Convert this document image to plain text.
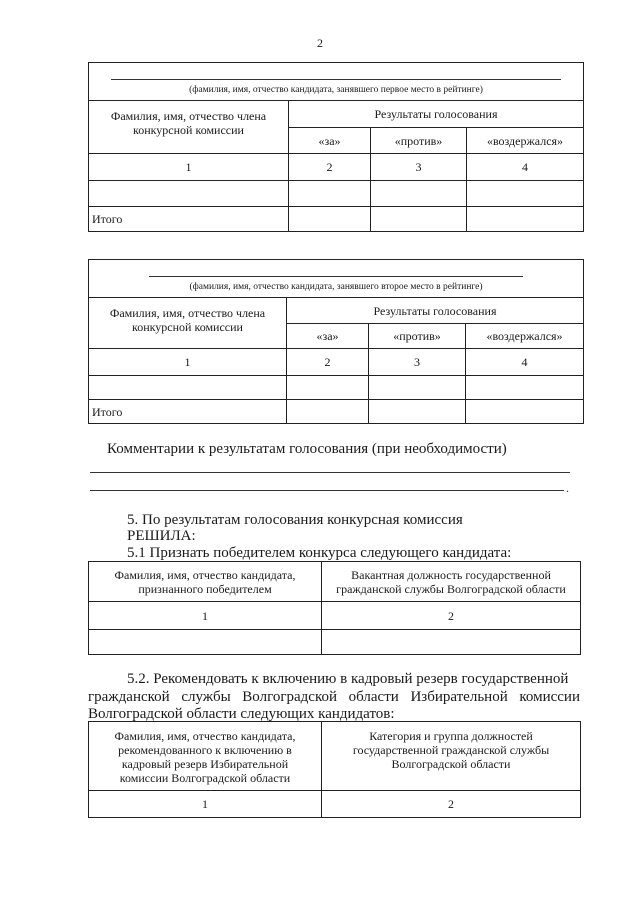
2
(фамилия, имя, отчество кандидата, занявшего первое место в рейтинге)			

Фамилия, имя, отчество члена конкурсной комиссии	Результаты голосования		
	«за»	«против»	«воздержался»
1	2	3	4

Итого			
(фамилия, имя, отчество кандидата, занявшего второе место в рейтинге)			

Фамилия, имя, отчество члена конкурсной комиссии	Результаты голосования		
	«за»	«против»	«воздержался»
1	2	3	4

Итого			
Комментарии к результатам голосования (при необходимости)
.
5. По результатам голосования конкурсная комиссия
РЕШИЛА:
5.1 Признать победителем конкурса следующего кандидата:
Фамилия, имя, отчество кандидата, признанного победителем	Вакантная должность государственной гражданской службы Волгоградской области
1	2

5.2. Рекомендовать к включению в кадровый резерв государственной
гражданской службы Волгоградской области Избирательной комиссии
Волгоградской области следующих кандидатов:
Фамилия, имя, отчество кандидата, рекомендованного к включению в кадровый резерв Избирательной комиссии Волгоградской области	Категория и группа должностей государственной гражданской службы Волгоградской области
1	2
